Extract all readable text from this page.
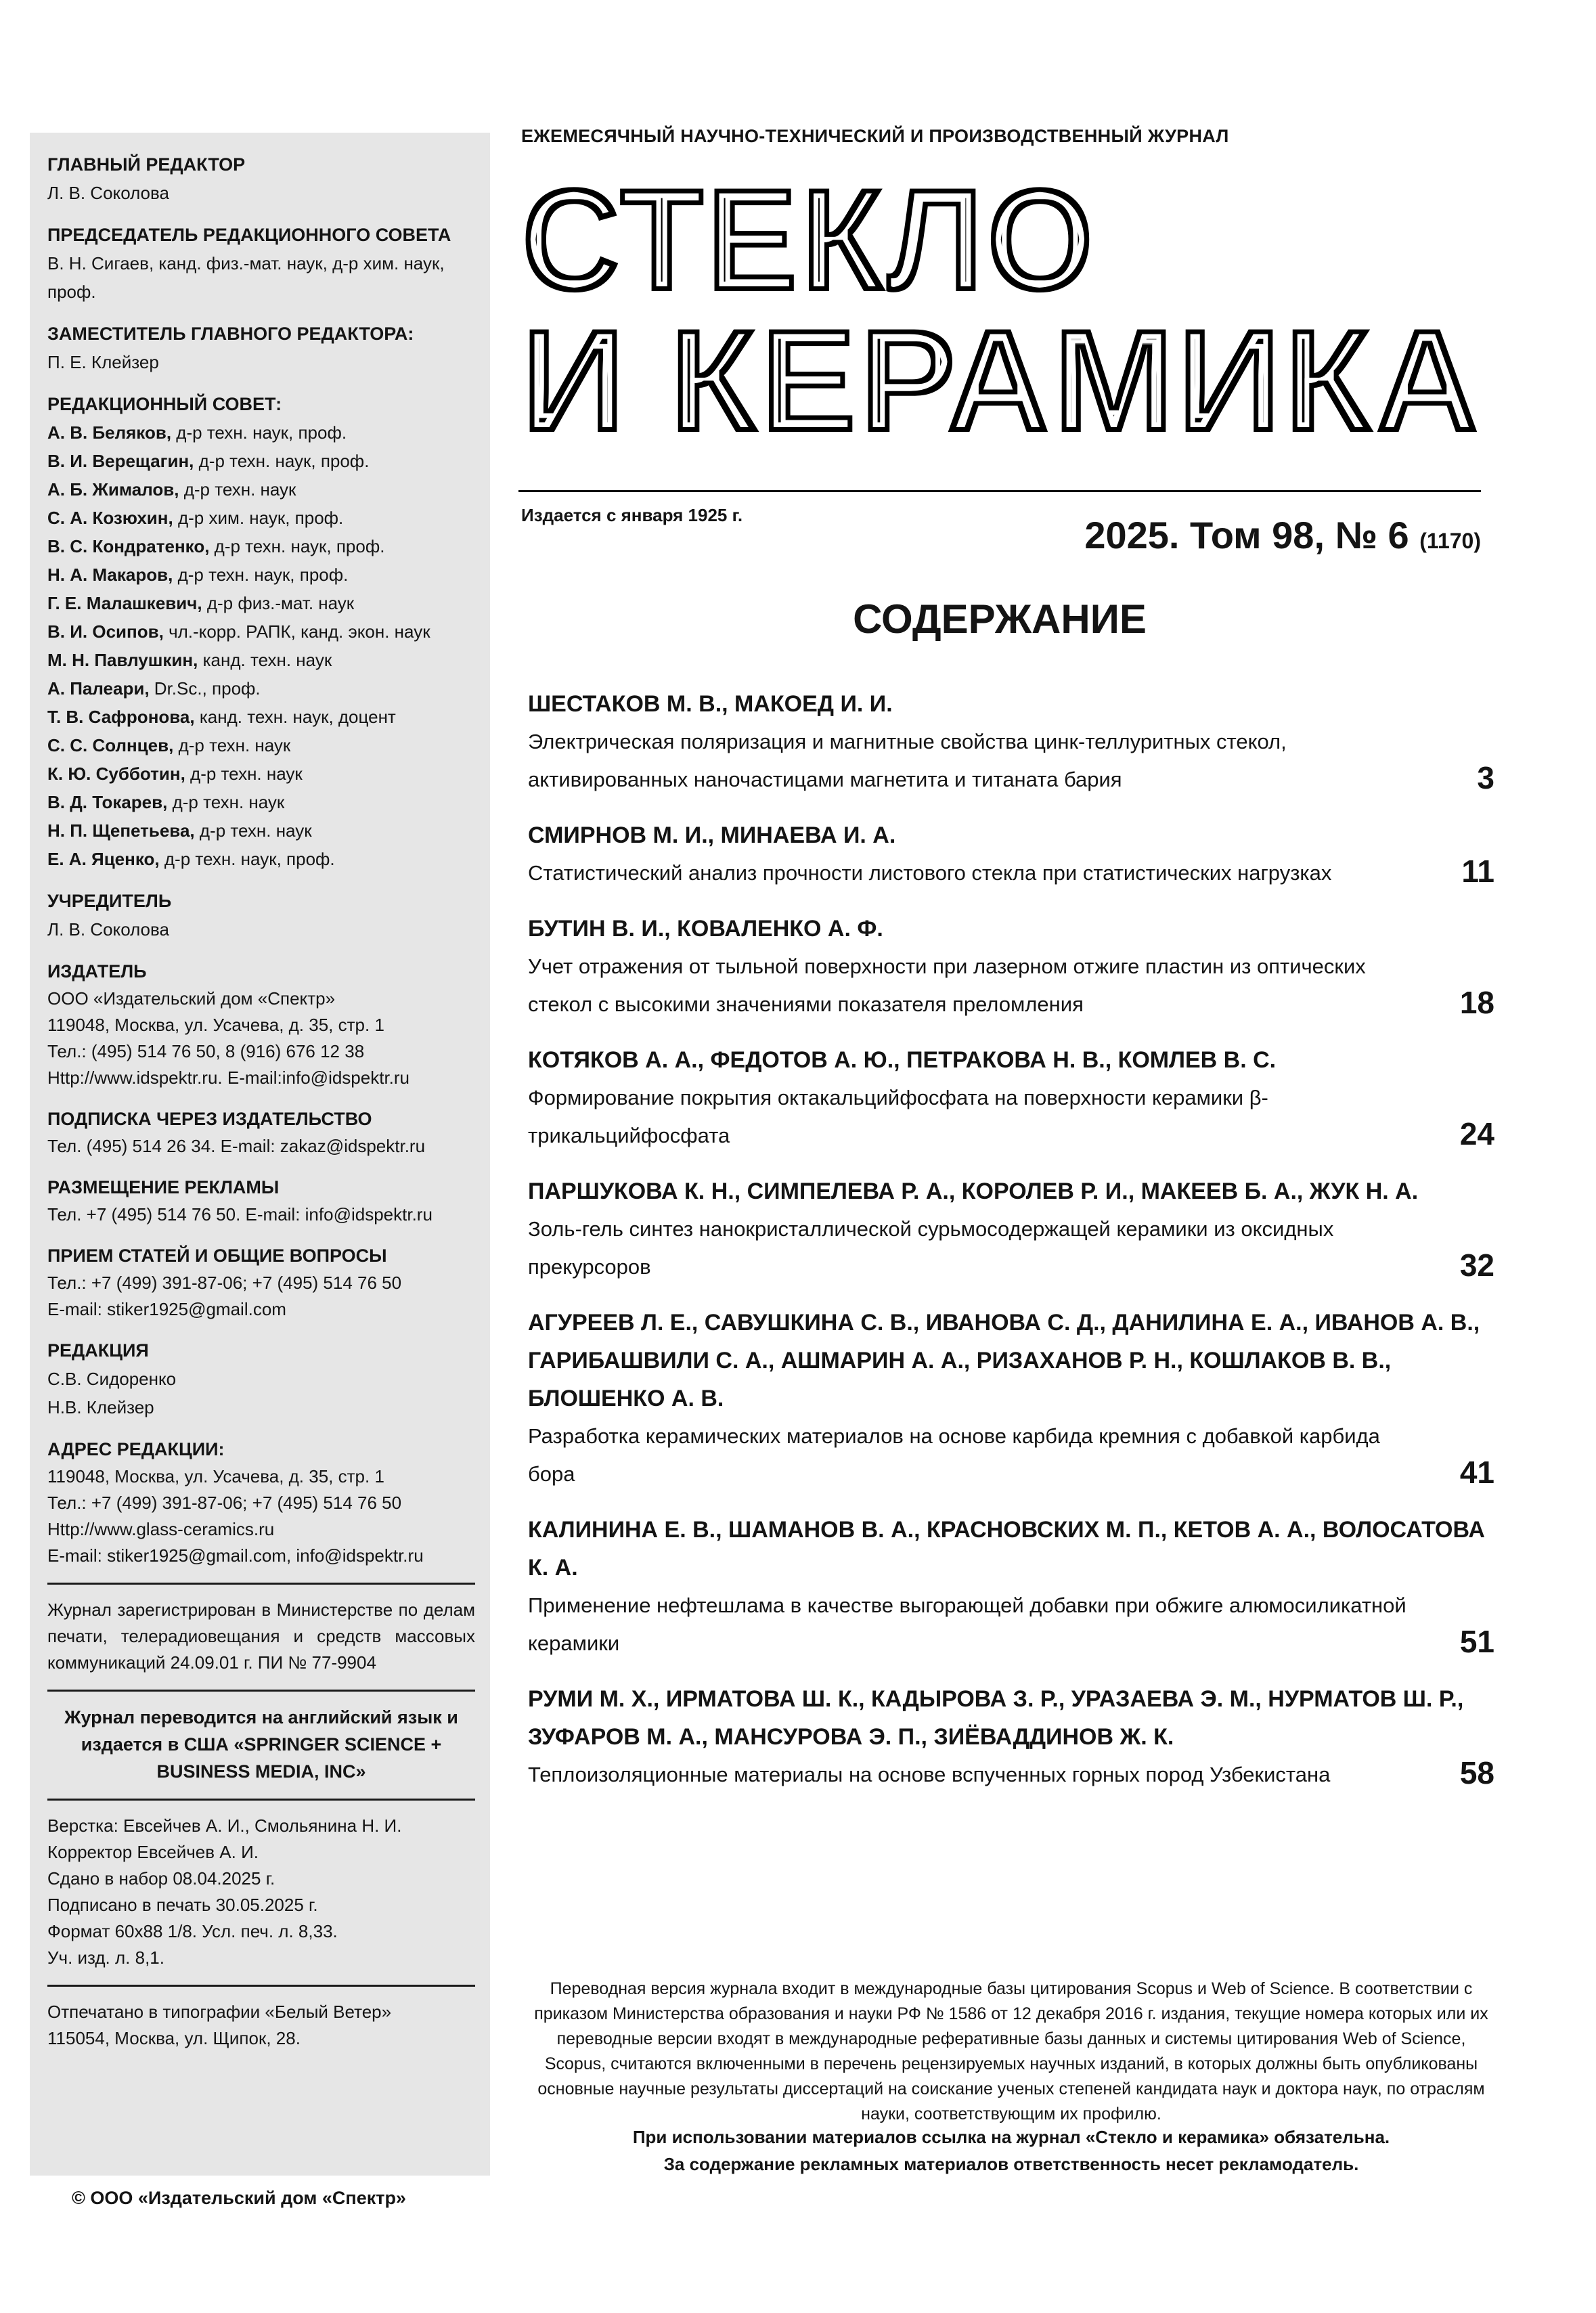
ГЛАВНЫЙ РЕДАКТОР
Л. В. Соколова
ПРЕДСЕДАТЕЛЬ РЕДАКЦИОННОГО СОВЕТА
В. Н. Сигаев, канд. физ.-мат. наук, д-р хим. наук, проф.
ЗАМЕСТИТЕЛЬ ГЛАВНОГО РЕДАКТОРА:
П. Е. Клейзер
РЕДАКЦИОННЫЙ СОВЕТ:
А. В. Беляков, д-р техн. наук, проф.
В. И. Верещагин, д-р техн. наук, проф.
А. Б. Жималов, д-р техн. наук
С. А. Козюхин, д-р хим. наук, проф.
В. С. Кондратенко, д-р техн. наук, проф.
Н. А. Макаров, д-р техн. наук, проф.
Г. Е. Малашкевич, д-р физ.-мат. наук
В. И. Осипов, чл.-корр. РАПК, канд. экон. наук
М. Н. Павлушкин, канд. техн. наук
А. Палеари, Dr.Sc., проф.
Т. В. Сафронова, канд. техн. наук, доцент
С. С. Солнцев, д-р техн. наук
К. Ю. Субботин, д-р техн. наук
В. Д. Токарев, д-р техн. наук
Н. П. Щепетьева, д-р техн. наук
Е. А. Яценко, д-р техн. наук, проф.
УЧРЕДИТЕЛЬ
Л. В. Соколова
ИЗДАТЕЛЬ
ООО «Издательский дом «Спектр»
119048, Москва, ул. Усачева, д. 35, стр. 1
Тел.: (495) 514 76 50, 8 (916) 676 12 38
Http://www.idspektr.ru. E-mail:info@idspektr.ru
ПОДПИСКА ЧЕРЕЗ ИЗДАТЕЛЬСТВО
Тел. (495) 514 26 34. E-mail: zakaz@idspektr.ru
РАЗМЕЩЕНИЕ РЕКЛАМЫ
Тел. +7 (495) 514 76 50. E-mail: info@idspektr.ru
ПРИЕМ СТАТЕЙ И ОБЩИЕ ВОПРОСЫ
Тел.: +7 (499) 391-87-06; +7 (495) 514 76 50
E-mail: stiker1925@gmail.com
РЕДАКЦИЯ
С.В. Сидоренко
Н.В. Клейзер
АДРЕС РЕДАКЦИИ:
119048, Москва, ул. Усачева, д. 35, стр. 1
Тел.: +7 (499) 391-87-06; +7 (495) 514 76 50
Http://www.glass-ceramics.ru
E-mail: stiker1925@gmail.com, info@idspektr.ru
Журнал зарегистрирован в Министерстве по делам печати, телерадиовещания и средств массовых коммуникаций 24.09.01 г. ПИ № 77-9904
Журнал переводится на английский язык и издается в США «SPRINGER SCIENCE + BUSINESS MEDIA, INC»
Верстка: Евсейчев А. И., Смольянина Н. И.
Корректор Евсейчев А. И.
Сдано в набор 08.04.2025 г.
Подписано в печать 30.05.2025 г.
Формат 60х88 1/8. Усл. печ. л. 8,33.
Уч. изд. л. 8,1.
Отпечатано в типографии «Белый Ветер»
115054, Москва, ул. Щипок, 28.
© ООО «Издательский дом «Спектр»
ЕЖЕМЕСЯЧНЫЙ НАУЧНО-ТЕХНИЧЕСКИЙ И ПРОИЗВОДСТВЕННЫЙ ЖУРНАЛ
СТЕКЛО
И КЕРАМИКА
Издается с января 1925 г.	2025. Том 98, № 6 (1170)
СОДЕРЖАНИЕ
ШЕСТАКОВ М. В., МАКОЕД И. И.
Электрическая поляризация и магнитные свойства цинк-теллуритных стекол, активированных наночастицами магнетита и титаната бария	3
СМИРНОВ М. И., МИНАЕВА И. А.
Статистический анализ прочности листового стекла при статистических нагрузках	11
БУТИН В. И., КОВАЛЕНКО А. Ф.
Учет отражения от тыльной поверхности при лазерном отжиге пластин из оптических стекол с высокими значениями показателя преломления	18
КОТЯКОВ А. А., ФЕДОТОВ А. Ю., ПЕТРАКОВА Н. В., КОМЛЕВ В. С.
Формирование покрытия октакальцийфосфата на поверхности керамики β-трикальцийфосфата	24
ПАРШУКОВА К. Н., СИМПЕЛЕВА Р. А., КОРОЛЕВ Р. И., МАКЕЕВ Б. А., ЖУК Н. А.
Золь-гель синтез нанокристаллической сурьмосодержащей керамики из оксидных прекурсоров	32
АГУРЕЕВ Л. Е., САВУШКИНА С. В., ИВАНОВА С. Д., ДАНИЛИНА Е. А., ИВАНОВ А. В., ГАРИБАШВИЛИ С. А., АШМАРИН А. А., РИЗАХАНОВ Р. Н., КОШЛАКОВ В. В., БЛОШЕНКО А. В.
Разработка керамических материалов на основе карбида кремния с добавкой карбида бора	41
КАЛИНИНА Е. В., ШАМАНОВ В. А., КРАСНОВСКИХ М. П., КЕТОВ А. А., ВОЛОСАТОВА К. А.
Применение нефтешлама в качестве выгорающей добавки при обжиге алюмосиликатной керамики	51
РУМИ М. Х., ИРМАТОВА Ш. К., КАДЫРОВА З. Р., УРАЗАЕВА Э. М., НУРМАТОВ Ш. Р., ЗУФАРОВ М. А., МАНСУРОВА Э. П., ЗИЁВАДДИНОВ Ж. К.
Теплоизоляционные материалы на основе вспученных горных пород Узбекистана	58
Переводная версия журнала входит в международные базы цитирования Scopus и Web of Science. В соответствии с приказом Министерства образования и науки РФ № 1586 от 12 декабря 2016 г. издания, текущие номера которых или их переводные версии входят в международные реферативные базы данных и системы цитирования Web of Science, Scopus, считаются включенными в перечень рецензируемых научных изданий, в которых должны быть опубликованы основные научные результаты диссертаций на соискание ученых степеней кандидата наук и доктора наук, по отраслям науки, соответствующим их профилю.
При использовании материалов ссылка на журнал «Стекло и керамика» обязательна.
За содержание рекламных материалов ответственность несет рекламодатель.
